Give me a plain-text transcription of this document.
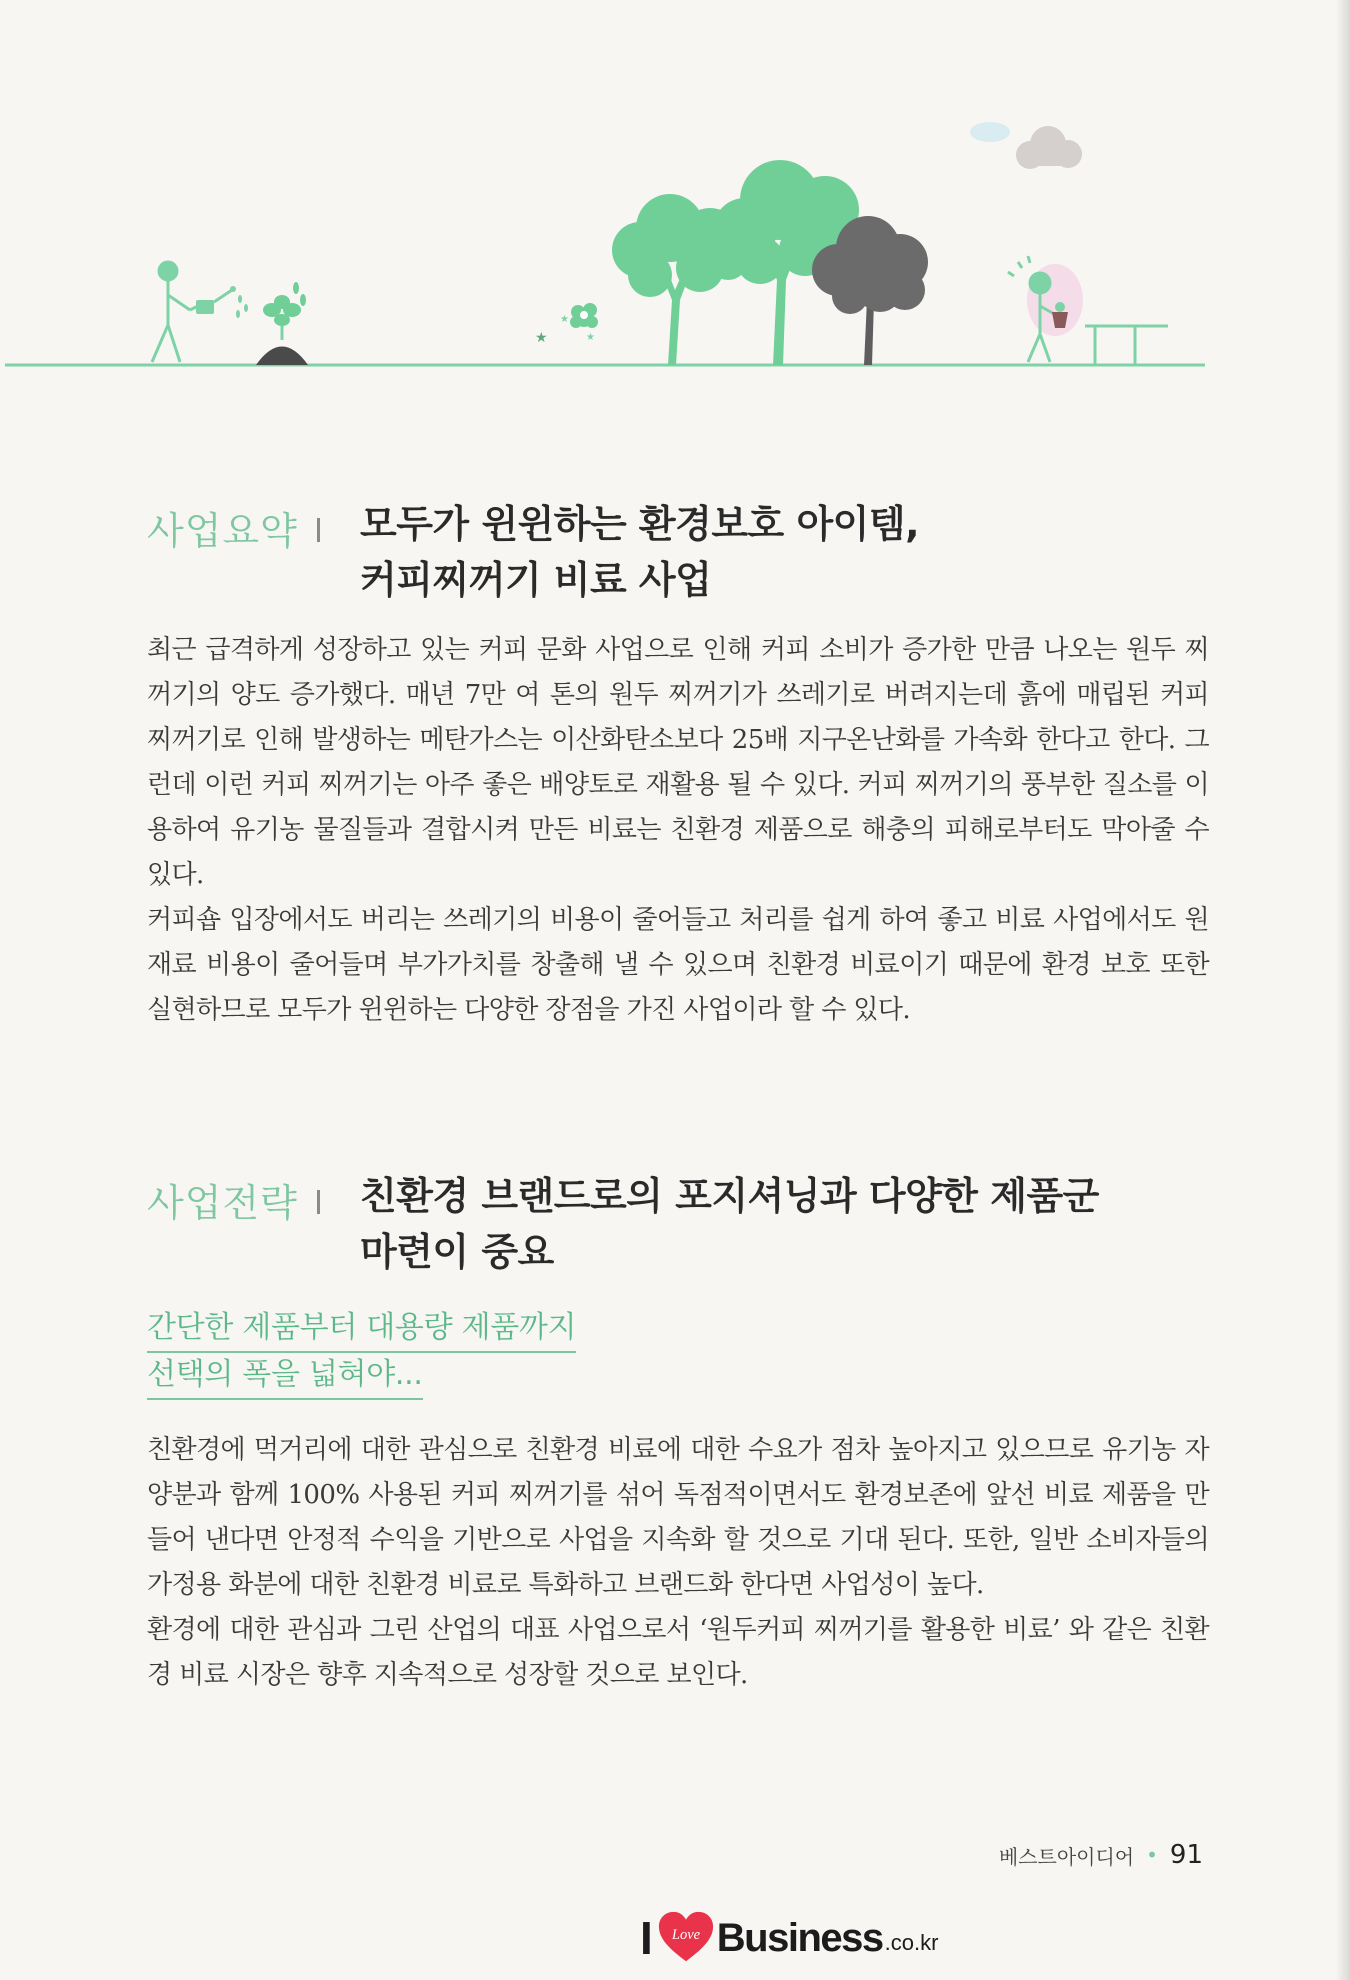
★
★
★
사업요약 모두가 윈윈하는 환경보호 아이템,
커피찌꺼기 비료 사업

최근 급격하게 성장하고 있는 커피 문화 사업으로 인해 커피 소비가 증가한 만큼 나오는 원두 찌꺼기의 양도 증가했다. 매년 7만 여 톤의 원두 찌꺼기가 쓰레기로 버려지는데 흙에 매립된 커피 찌꺼기로 인해 발생하는 메탄가스는 이산화탄소보다 25배 지구온난화를 가속화 한다고 한다. 그런데 이런 커피 찌꺼기는 아주 좋은 배양토로 재활용 될 수 있다. 커피 찌꺼기의 풍부한 질소를 이용하여 유기농 물질들과 결합시켜 만든 비료는 친환경 제품으로 해충의 피해로부터도 막아줄 수 있다.

커피숍 입장에서도 버리는 쓰레기의 비용이 줄어들고 처리를 쉽게 하여 좋고 비료 사업에서도 원재료 비용이 줄어들며 부가가치를 창출해 낼 수 있으며 친환경 비료이기 때문에 환경 보호 또한 실현하므로 모두가 윈윈하는 다양한 장점을 가진 사업이라 할 수 있다.

사업전략 친환경 브랜드로의 포지셔닝과 다양한 제품군
마련이 중요
간단한 제품부터 대용량 제품까지
선택의 폭을 넓혀야...

친환경에 먹거리에 대한 관심으로 친환경 비료에 대한 수요가 점차 높아지고 있으므로 유기농 자양분과 함께 100% 사용된 커피 찌꺼기를 섞어 독점적이면서도 환경보존에 앞선 비료 제품을 만들어 낸다면 안정적 수익을 기반으로 사업을 지속화 할 것으로 기대 된다. 또한, 일반 소비자들의 가정용 화분에 대한 친환경 비료로 특화하고 브랜드화 한다면 사업성이 높다.

환경에 대한 관심과 그린 산업의 대표 사업으로서 ‘원두커피 찌꺼기를 활용한 비료’ 와 같은 친환경 비료 시장은 향후 지속적으로 성장할 것으로 보인다.

베스트아이디어 • 91
I Love Business .co.kr
